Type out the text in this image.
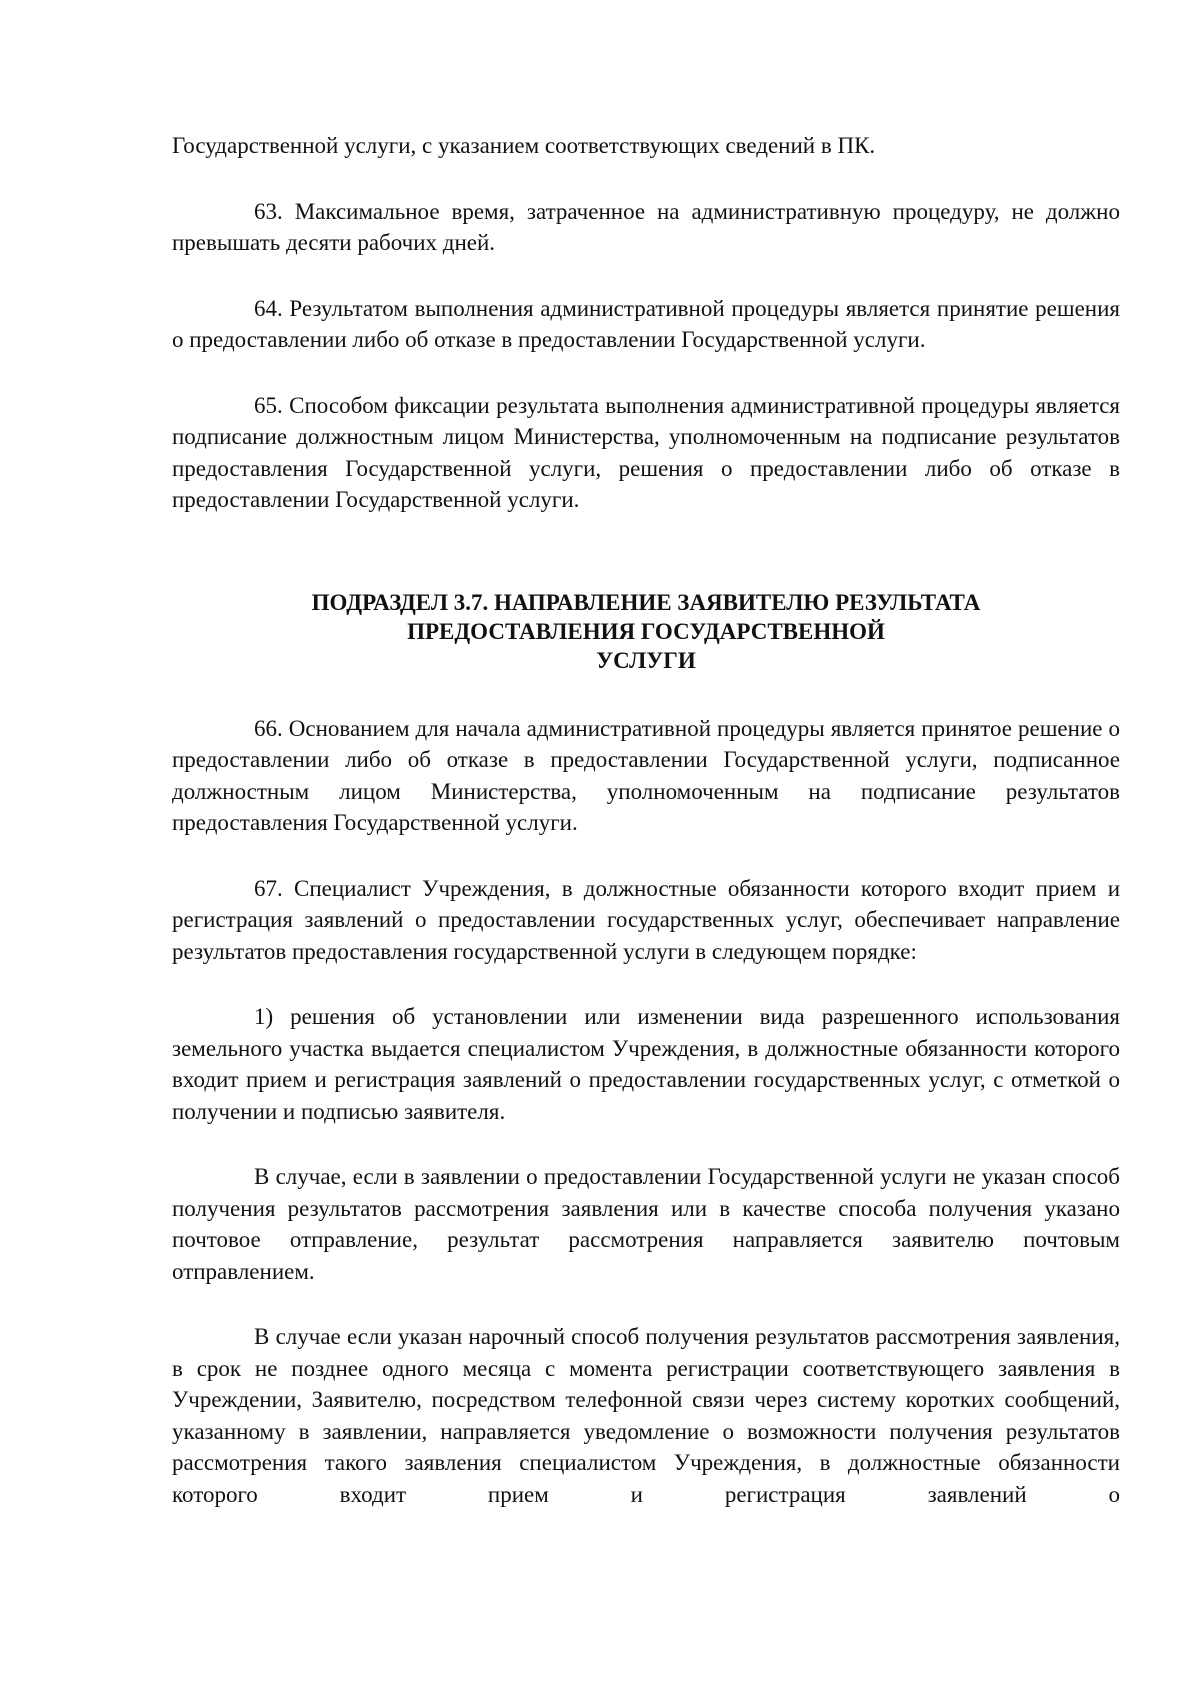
Государственной услуги, с указанием соответствующих сведений в ПК.

63. Максимальное время, затраченное на административную процедуру, не должно превышать десяти рабочих дней.

64. Результатом выполнения административной процедуры является принятие решения о предоставлении либо об отказе в предоставлении Государственной услуги.

65. Способом фиксации результата выполнения административной процедуры является подписание должностным лицом Министерства, уполномоченным на подписание результатов предоставления Государственной услуги, решения о предоставлении либо об отказе в предоставлении Государственной услуги.

ПОДРАЗДЕЛ 3.7. НАПРАВЛЕНИЕ ЗАЯВИТЕЛЮ РЕЗУЛЬТАТА
ПРЕДОСТАВЛЕНИЯ ГОСУДАРСТВЕННОЙ
УСЛУГИ

66. Основанием для начала административной процедуры является принятое решение о предоставлении либо об отказе в предоставлении Государственной услуги, подписанное должностным лицом Министерства, уполномоченным на подписание результатов предоставления Государственной услуги.

67. Специалист Учреждения, в должностные обязанности которого входит прием и регистрация заявлений о предоставлении государственных услуг, обеспечивает направление результатов предоставления государственной услуги в следующем порядке:

1) решения об установлении или изменении вида разрешенного использования земельного участка выдается специалистом Учреждения, в должностные обязанности которого входит прием и регистрация заявлений о предоставлении государственных услуг, с отметкой о получении и подписью заявителя.

В случае, если в заявлении о предоставлении Государственной услуги не указан способ получения результатов рассмотрения заявления или в качестве способа получения указано почтовое отправление, результат рассмотрения направляется заявителю почтовым отправлением.

В случае если указан нарочный способ получения результатов рассмотрения заявления, в срок не позднее одного месяца с момента регистрации соответствующего заявления в Учреждении, Заявителю, посредством телефонной связи через систему коротких сообщений, указанному в заявлении, направляется уведомление о возможности получения результатов рассмотрения такого заявления специалистом Учреждения, в должностные обязанности которого входит прием и регистрация заявлений о
